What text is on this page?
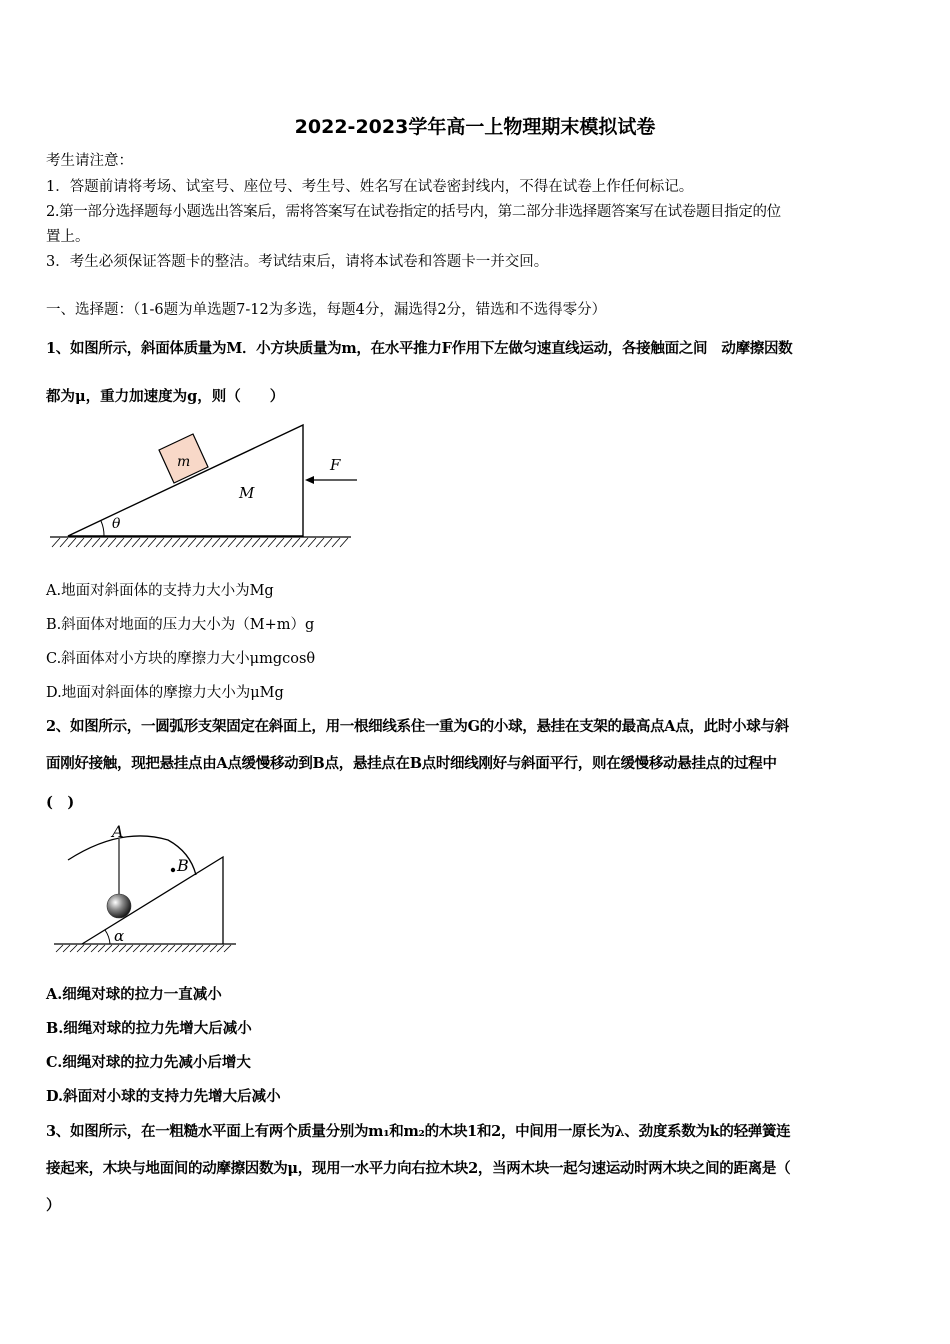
2022-2023学年高一上物理期末模拟试卷
考生请注意：
1．答题前请将考场、试室号、座位号、考生号、姓名写在试卷密封线内，不得在试卷上作任何标记。
2.第一部分选择题每小题选出答案后，需将答案写在试卷指定的括号内，第二部分非选择题答案写在试卷题目指定的位
置上。
3．考生必须保证答题卡的整洁。考试结束后，请将本试卷和答题卡一并交回。
一、选择题：（1-6题为单选题7-12为多选，每题4分，漏选得2分，错选和不选得零分）
1、如图所示，斜面体质量为M．小方块质量为m，在水平推力F作用下左做匀速直线运动，各接触面之间　动摩擦因数
都为μ，重力加速度为g，则（　　）
m
M
θ
F
A.地面对斜面体的支持力大小为Mg
B.斜面体对地面的压力大小为（M+m）g
C.斜面体对小方块的摩擦力大小μmgcosθ
D.地面对斜面体的摩擦力大小为μMg
2、如图所示，一圆弧形支架固定在斜面上，用一根细线系住一重为G的小球，悬挂在支架的最高点A点，此时小球与斜
面刚好接触，现把悬挂点由A点缓慢移动到B点，悬挂点在B点时细线刚好与斜面平行，则在缓慢移动悬挂点的过程中
(　)
α
A
B
A.细绳对球的拉力一直减小
B.细绳对球的拉力先增大后减小
C.细绳对球的拉力先减小后增大
D.斜面对小球的支持力先增大后减小
3、如图所示，在一粗糙水平面上有两个质量分别为m₁和m₂的木块1和2，中间用一原长为λ、劲度系数为k的轻弹簧连
接起来，木块与地面间的动摩擦因数为μ，现用一水平力向右拉木块2，当两木块一起匀速运动时两木块之间的距离是（
）
